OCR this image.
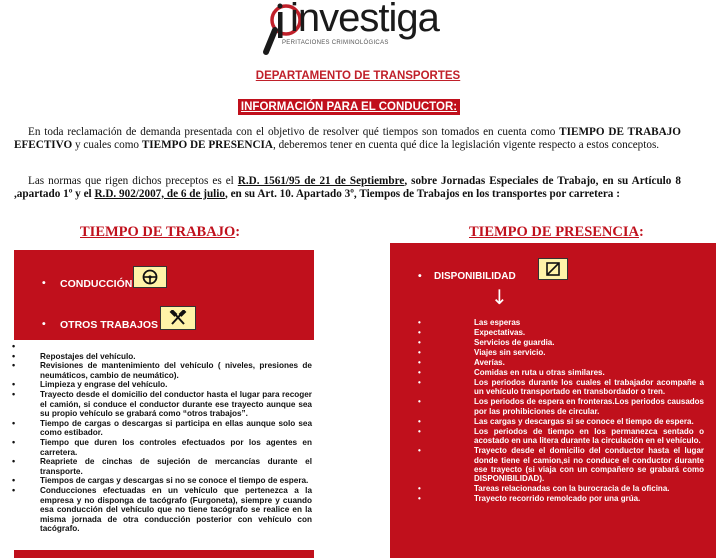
investiga
PERITACIONES CRIMINOLÓGICAS
DEPARTAMENTO DE TRANSPORTES
INFORMACIÓN PARA EL CONDUCTOR:
En toda reclamación de demanda presentada con el objetivo de resolver qué tiempos son tomados en cuenta como TIEMPO DE TRABAJO EFECTIVO y cuales como TIEMPO DE PRESENCIA, deberemos tener en cuenta qué dice la legislación vigente respecto a estos conceptos.
Las normas que rigen dichos preceptos es el R.D. 1561/95 de 21 de Septiembre, sobre Jornadas Especiales de Trabajo, en su Artículo 8 ,apartado 1º y el R.D. 902/2007, de 6 de julio, en su Art. 10. Apartado 3º, Tiempos de Trabajos en los transportes por carretera :
TIEMPO DE TRABAJO:	TIEMPO DE PRESENCIA:
• CONDUCCIÓN
• OTROS TRABAJOS
•
• Repostajes del vehículo.
• Revisiones de mantenimiento del vehículo ( niveles, presiones de neumáticos, cambio de neumático).
• Limpieza y engrase del vehículo.
• Trayecto desde el domicilio del conductor hasta el lugar para recoger el camión, si conduce el conductor durante ese trayecto aunque sea su propio vehículo se grabará como “otros trabajos”.
• Tiempo de cargas o descargas si participa en ellas aunque solo sea como estibador.
• Tiempo que duren los controles efectuados por los agentes en carretera.
• Reapriete de cinchas de sujeción de mercancías durante el transporte.
• Tiempos de cargas y descargas si no se conoce el tiempo de espera.
• Conducciones efectuadas en un vehículo que pertenezca a la empresa y no disponga de tacógrafo (Furgoneta), siempre y cuando esa conducción del vehículo que no tiene tacógrafo se realice en la misma jornada de otra conducción posterior con vehículo con tacógrafo.
• DISPONIBILIDAD
↓
• Las esperas
• Expectativas.
• Servicios de guardia.
• Viajes sin servicio.
• Averías.
• Comidas en ruta u otras similares.
• Los periodos durante los cuales el trabajador acompañe a un vehículo transportado en transbordador o tren.
• Los periodos de espera en fronteras.Los periodos causados por las prohibiciones de circular.
• Las cargas y descargas si se conoce el tiempo de espera.
• Los periodos de tiempo en los permanezca sentado o acostado en una litera durante la circulación en el vehículo.
• Trayecto desde el domicilio del conductor hasta el lugar donde tiene el camion,si no conduce el conductor durante ese trayecto (si viaja con un compañero se grabará como DISPONIBILIDAD).
• Tareas relacionadas con la burocracia de la oficina.
• Trayecto recorrido remolcado por una grúa.
